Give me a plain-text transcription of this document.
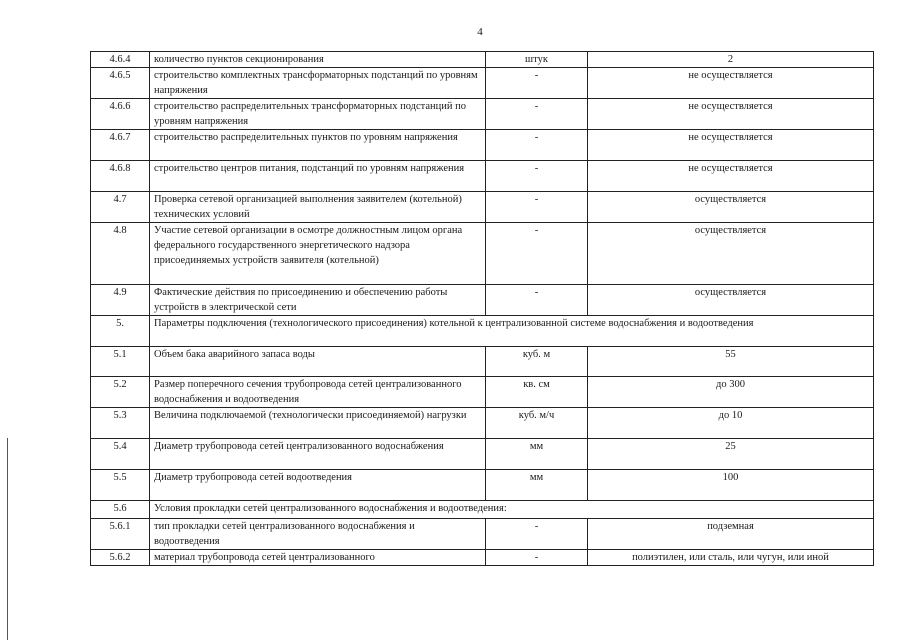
4
4.6.4	количество пунктов секционирования	штук	2
4.6.5	строительство комплектных трансформаторных подстанций по уровням напряжения	-	не осуществляется
4.6.6	строительство распределительных трансформаторных подстанций по уровням напряжения	-	не осуществляется
4.6.7	строительство распределительных пунктов по уровням напряжения	-	не осуществляется
4.6.8	строительство центров питания, подстанций по уровням напряжения	-	не осуществляется
4.7	Проверка сетевой организацией выполнения заявителем (котельной) технических условий	-	осуществляется
4.8	Участие сетевой организации в осмотре должностным лицом органа федерального государственного энергетического надзора присоединяемых устройств заявителя (котельной)	-	осуществляется
4.9	Фактические действия по присоединению и обеспечению работы устройств в электрической сети	-	осуществляется
5.	Параметры подключения (технологического присоединения) котельной к централизованной системе водоснабжения и водоотведения		
5.1	Объем бака аварийного запаса воды	куб. м	55
5.2	Размер поперечного сечения трубопровода сетей централизованного водоснабжения и водоотведения	кв. см	до 300
5.3	Величина подключаемой (технологически присоединяемой) нагрузки	куб. м/ч	до 10
5.4	Диаметр трубопровода сетей централизованного водоснабжения	мм	25
5.5	Диаметр трубопровода сетей водоотведения	мм	100
5.6	Условия прокладки сетей централизованного водоснабжения и водоотведения:		
5.6.1	тип прокладки сетей централизованного водоснабжения и водоотведения	-	подземная
5.6.2	материал трубопровода сетей централизованного	-	полиэтилен, или сталь, или чугун, или иной
